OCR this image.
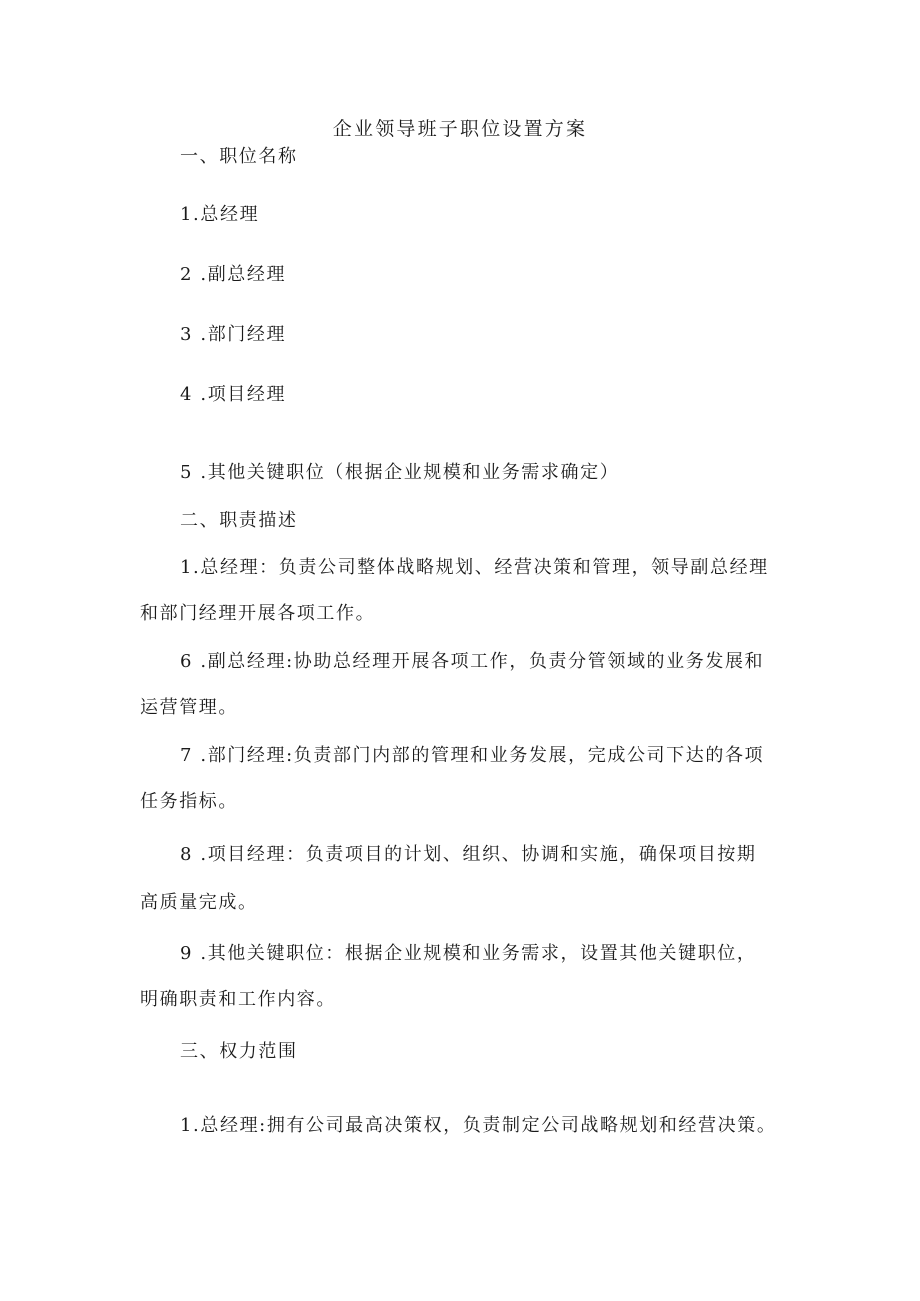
企业领导班子职位设置方案
一、职位名称
1.总经理
2 .副总经理
3 .部门经理
4 .项目经理
5 .其他关键职位（根据企业规模和业务需求确定）
二、职责描述
1.总经理：负责公司整体战略规划、经营决策和管理，领导副总经理
和部门经理开展各项工作。
6 .副总经理:协助总经理开展各项工作，负责分管领域的业务发展和
运营管理。
7 .部门经理:负责部门内部的管理和业务发展，完成公司下达的各项
任务指标。
8 .项目经理：负责项目的计划、组织、协调和实施，确保项目按期
高质量完成。
9 .其他关键职位：根据企业规模和业务需求，设置其他关键职位，
明确职责和工作内容。
三、权力范围
1.总经理:拥有公司最高决策权，负责制定公司战略规划和经营决策。
